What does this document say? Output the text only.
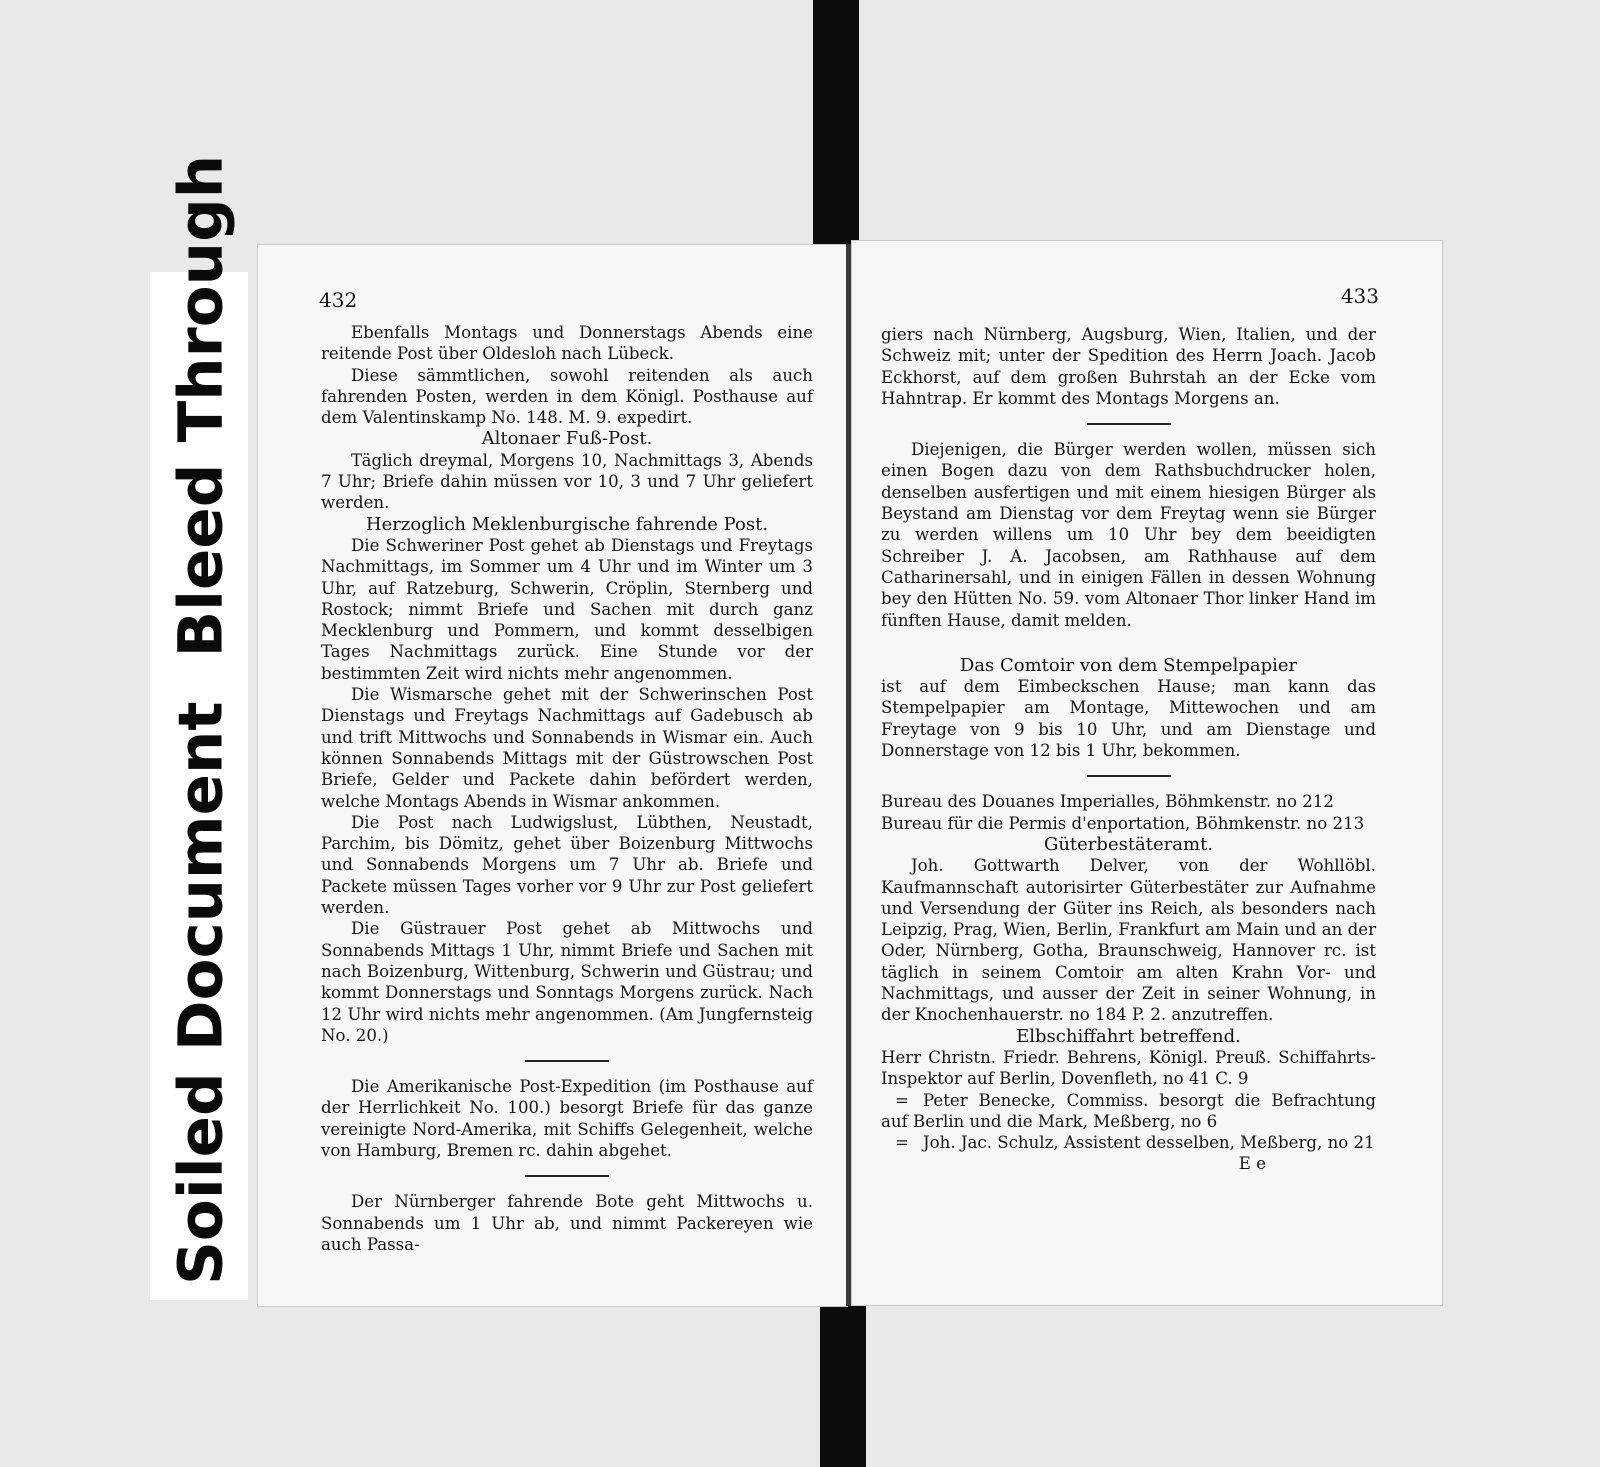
Soiled DocumentBleed Through	432

Ebenfalls Montags und Donnerstags Abends eine reitende Post über Oldesloh nach Lübeck.

Diese sämmtlichen, sowohl reitenden als auch fahrenden Posten, werden in dem Königl. Posthause auf dem Valentinskamp No. 148. M. 9. expedirt.

Altonaer Fuß-Post.

Täglich dreymal, Morgens 10, Nachmittags 3, Abends 7 Uhr; Briefe dahin müssen vor 10, 3 und 7 Uhr geliefert werden.

Herzoglich Meklenburgische fahrende Post.

Die Schweriner Post gehet ab Dienstags und Freytags Nachmittags, im Sommer um 4 Uhr und im Winter um 3 Uhr, auf Ratzeburg, Schwerin, Cröplin, Sternberg und Rostock; nimmt Briefe und Sachen mit durch ganz Mecklenburg und Pommern, und kommt desselbigen Tages Nachmittags zurück. Eine Stunde vor der bestimmten Zeit wird nichts mehr angenommen.

Die Wismarsche gehet mit der Schwerinschen Post Dienstags und Freytags Nachmittags auf Gadebusch ab und trift Mittwochs und Sonnabends in Wismar ein. Auch können Sonnabends Mittags mit der Güstrowschen Post Briefe, Gelder und Packete dahin befördert werden, welche Montags Abends in Wismar ankommen.

Die Post nach Ludwigslust, Lübthen, Neustadt, Parchim, bis Dömitz, gehet über Boizenburg Mittwochs und Sonnabends Morgens um 7 Uhr ab. Briefe und Packete müssen Tages vorher vor 9 Uhr zur Post geliefert werden.

Die Güstrauer Post gehet ab Mittwochs und Sonnabends Mittags 1 Uhr, nimmt Briefe und Sachen mit nach Boizenburg, Wittenburg, Schwerin und Güstrau; und kommt Donnerstags und Sonntags Morgens zurück. Nach 12 Uhr wird nichts mehr angenommen. (Am Jungfernsteig No. 20.)

Die Amerikanische Post-Expedition (im Posthause auf der Herrlichkeit No. 100.) besorgt Briefe für das ganze vereinigte Nord-Amerika, mit Schiffs Gelegenheit, welche von Hamburg, Bremen rc. dahin abgehet.

Der Nürnberger fahrende Bote geht Mittwochs u. Sonnabends um 1 Uhr ab, und nimmt Packereyen wie auch Passa-

433

giers nach Nürnberg, Augsburg, Wien, Italien, und der Schweiz mit; unter der Spedition des Herrn Joach. Jacob Eckhorst, auf dem großen Buhrstah an der Ecke vom Hahntrap. Er kommt des Montags Morgens an.

Diejenigen, die Bürger werden wollen, müssen sich einen Bogen dazu von dem Rathsbuchdrucker holen, denselben ausfertigen und mit einem hiesigen Bürger als Beystand am Dienstag vor dem Freytag wenn sie Bürger zu werden willens um 10 Uhr bey dem beeidigten Schreiber J. A. Jacobsen, am Rathhause auf dem Catharinersahl, und in einigen Fällen in dessen Wohnung bey den Hütten No. 59. vom Altonaer Thor linker Hand im fünften Hause, damit melden.

Das Comtoir von dem Stempelpapier

ist auf dem Eimbeckschen Hause; man kann das Stempelpapier am Montage, Mittewochen und am Freytage von 9 bis 10 Uhr, und am Dienstage und Donnerstage von 12 bis 1 Uhr, bekommen.

Bureau des Douanes Imperialles, Böhmkenstr. no 212

Bureau für die Permis d'enportation, Böhmkenstr. no 213

Güterbestäteramt.

Joh. Gottwarth Delver, von der Wohllöbl. Kaufmannschaft autorisirter Güterbestäter zur Aufnahme und Versendung der Güter ins Reich, als besonders nach Leipzig, Prag, Wien, Berlin, Frankfurt am Main und an der Oder, Nürnberg, Gotha, Braunschweig, Hannover rc. ist täglich in seinem Comtoir am alten Krahn Vor- und Nachmittags, und ausser der Zeit in seiner Wohnung, in der Knochenhauerstr. no 184 P. 2. anzutreffen.

Elbschiffahrt betreffend.

Herr Christn. Friedr. Behrens, Königl. Preuß. Schiffahrts-Inspektor auf Berlin, Dovenfleth, no 41 C. 9

= Peter Benecke, Commiss. besorgt die Befrachtung auf Berlin und die Mark, Meßberg, no 6

= Joh. Jac. Schulz, Assistent desselben, Meßberg, no 21

E e
